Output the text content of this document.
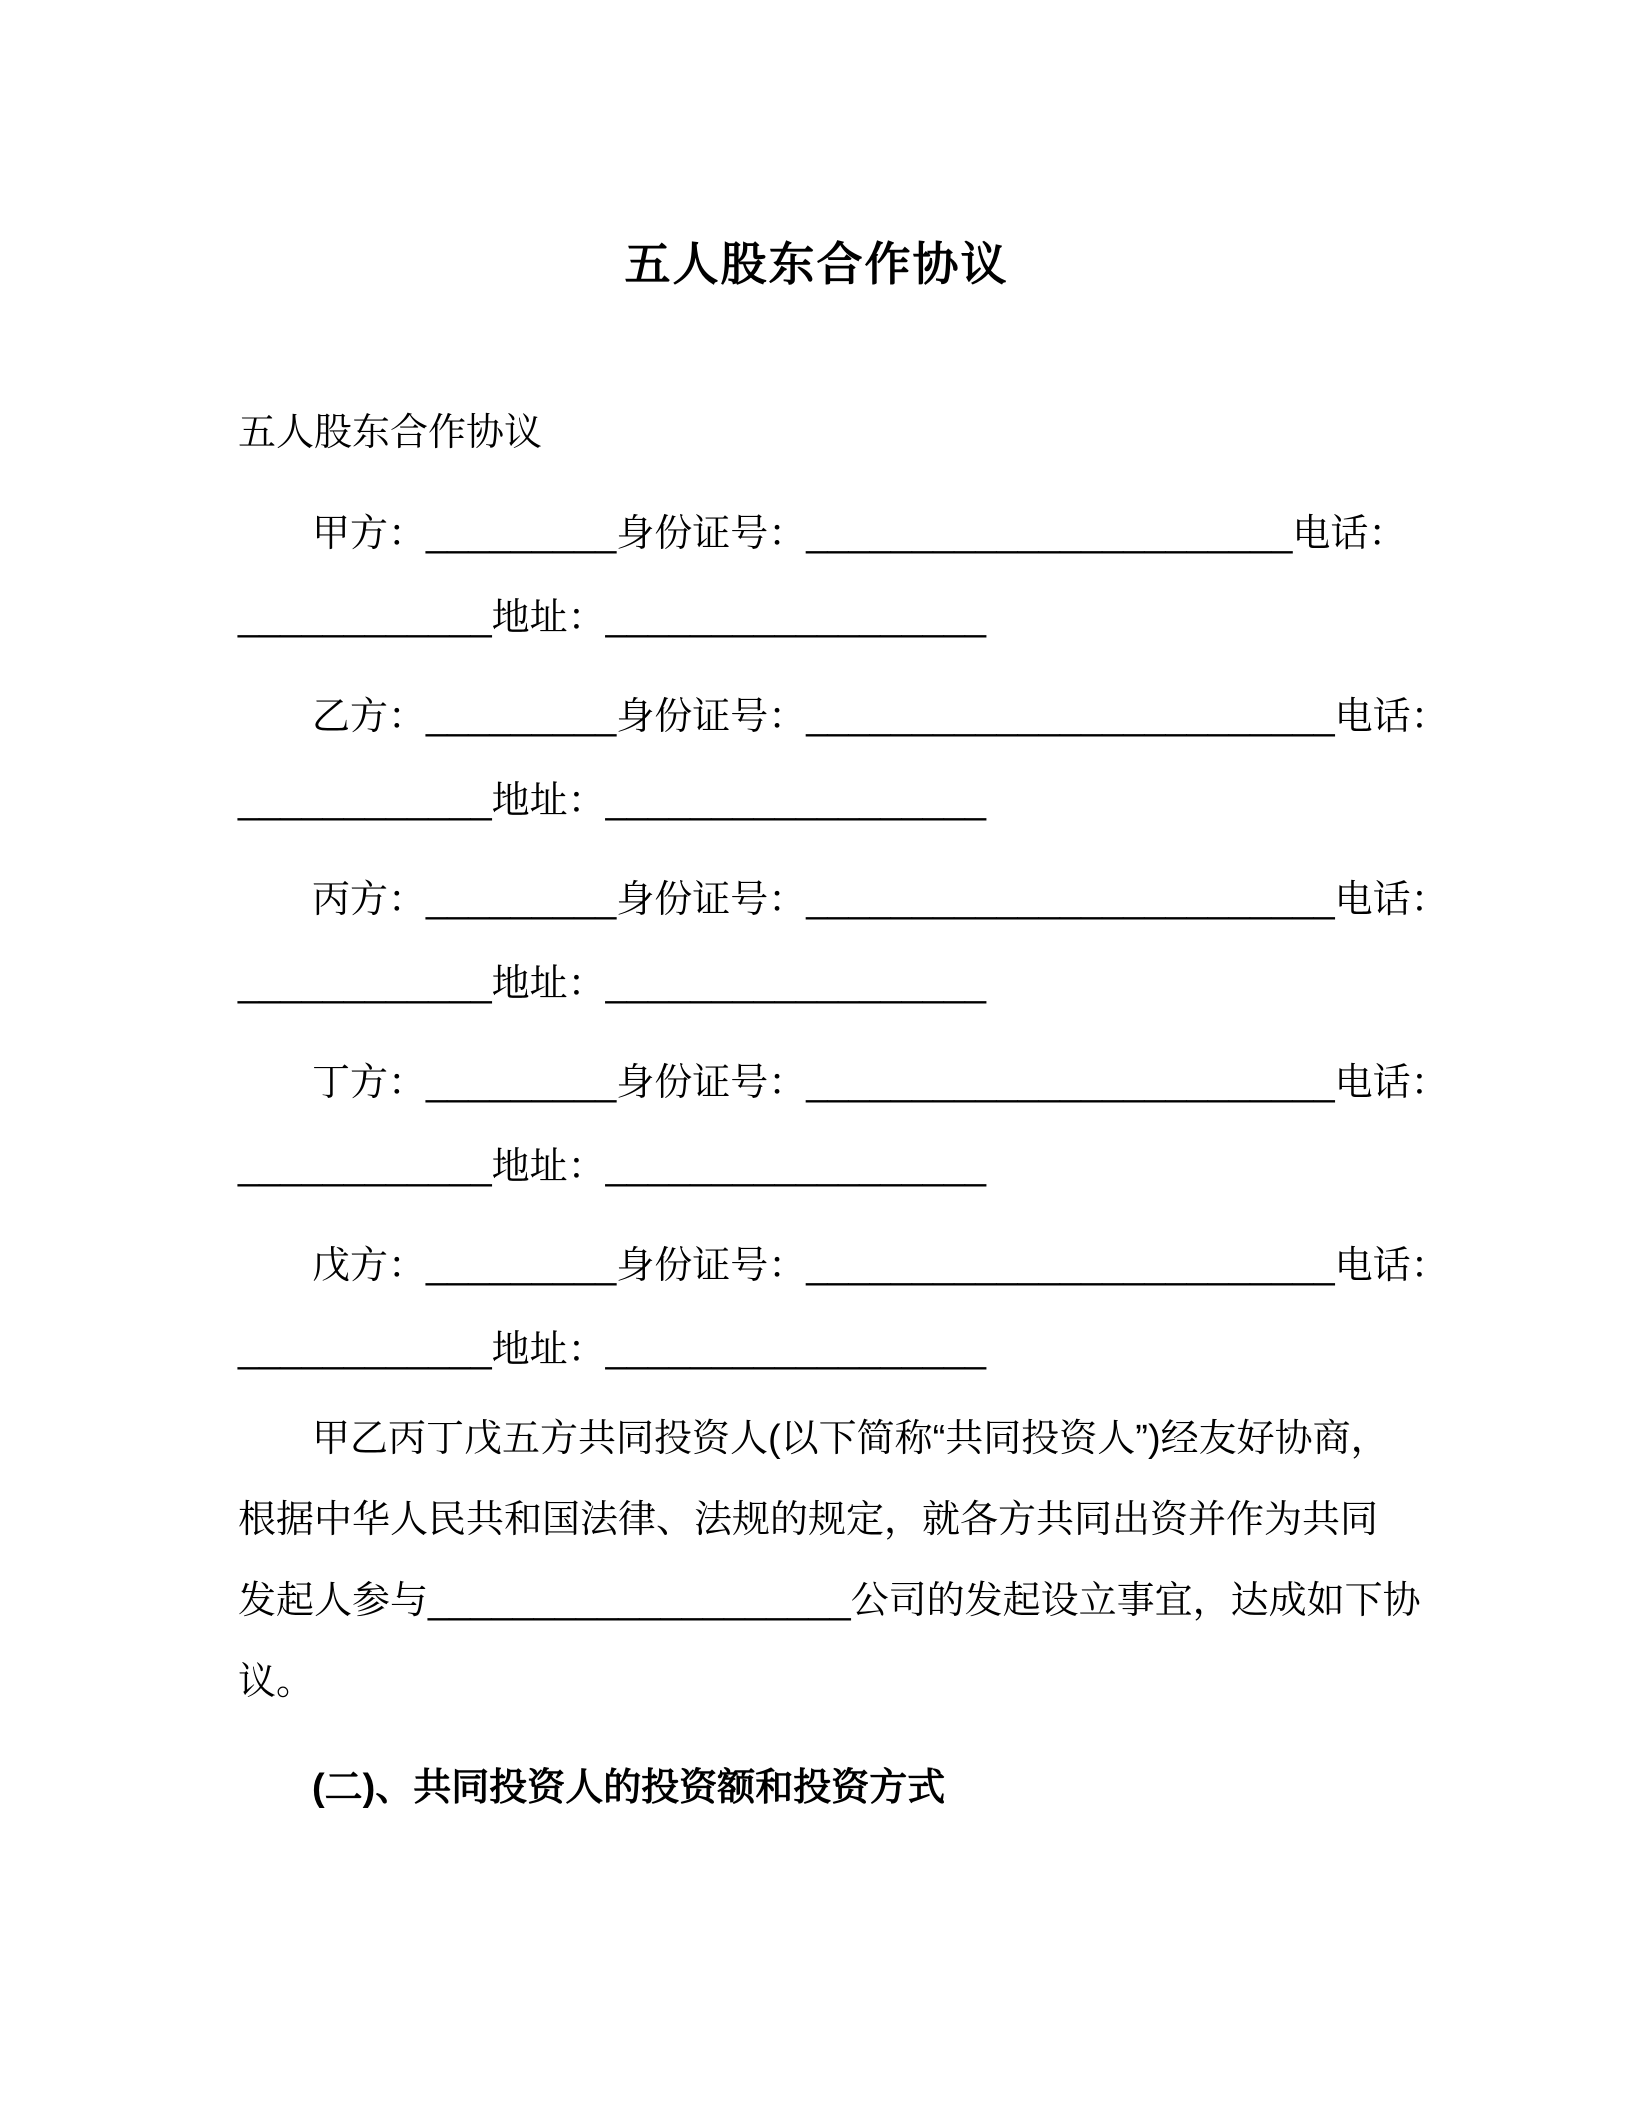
五人股东合作协议
五人股东合作协议
甲方：_________身份证号：_______________________电话：
____________地址：__________________
乙方：_________身份证号：_________________________电话：
____________地址：__________________
丙方：_________身份证号：_________________________电话：
____________地址：__________________
丁方：_________身份证号：_________________________电话：
____________地址：__________________
戊方：_________身份证号：_________________________电话：
____________地址：__________________
甲乙丙丁戊五方共同投资人(以下简称“共同投资人”)经友好协商，
根据中华人民共和国法律、法规的规定，就各方共同出资并作为共同
发起人参与____________________公司的发起设立事宜，达成如下协
议。
(二)、共同投资人的投资额和投资方式
